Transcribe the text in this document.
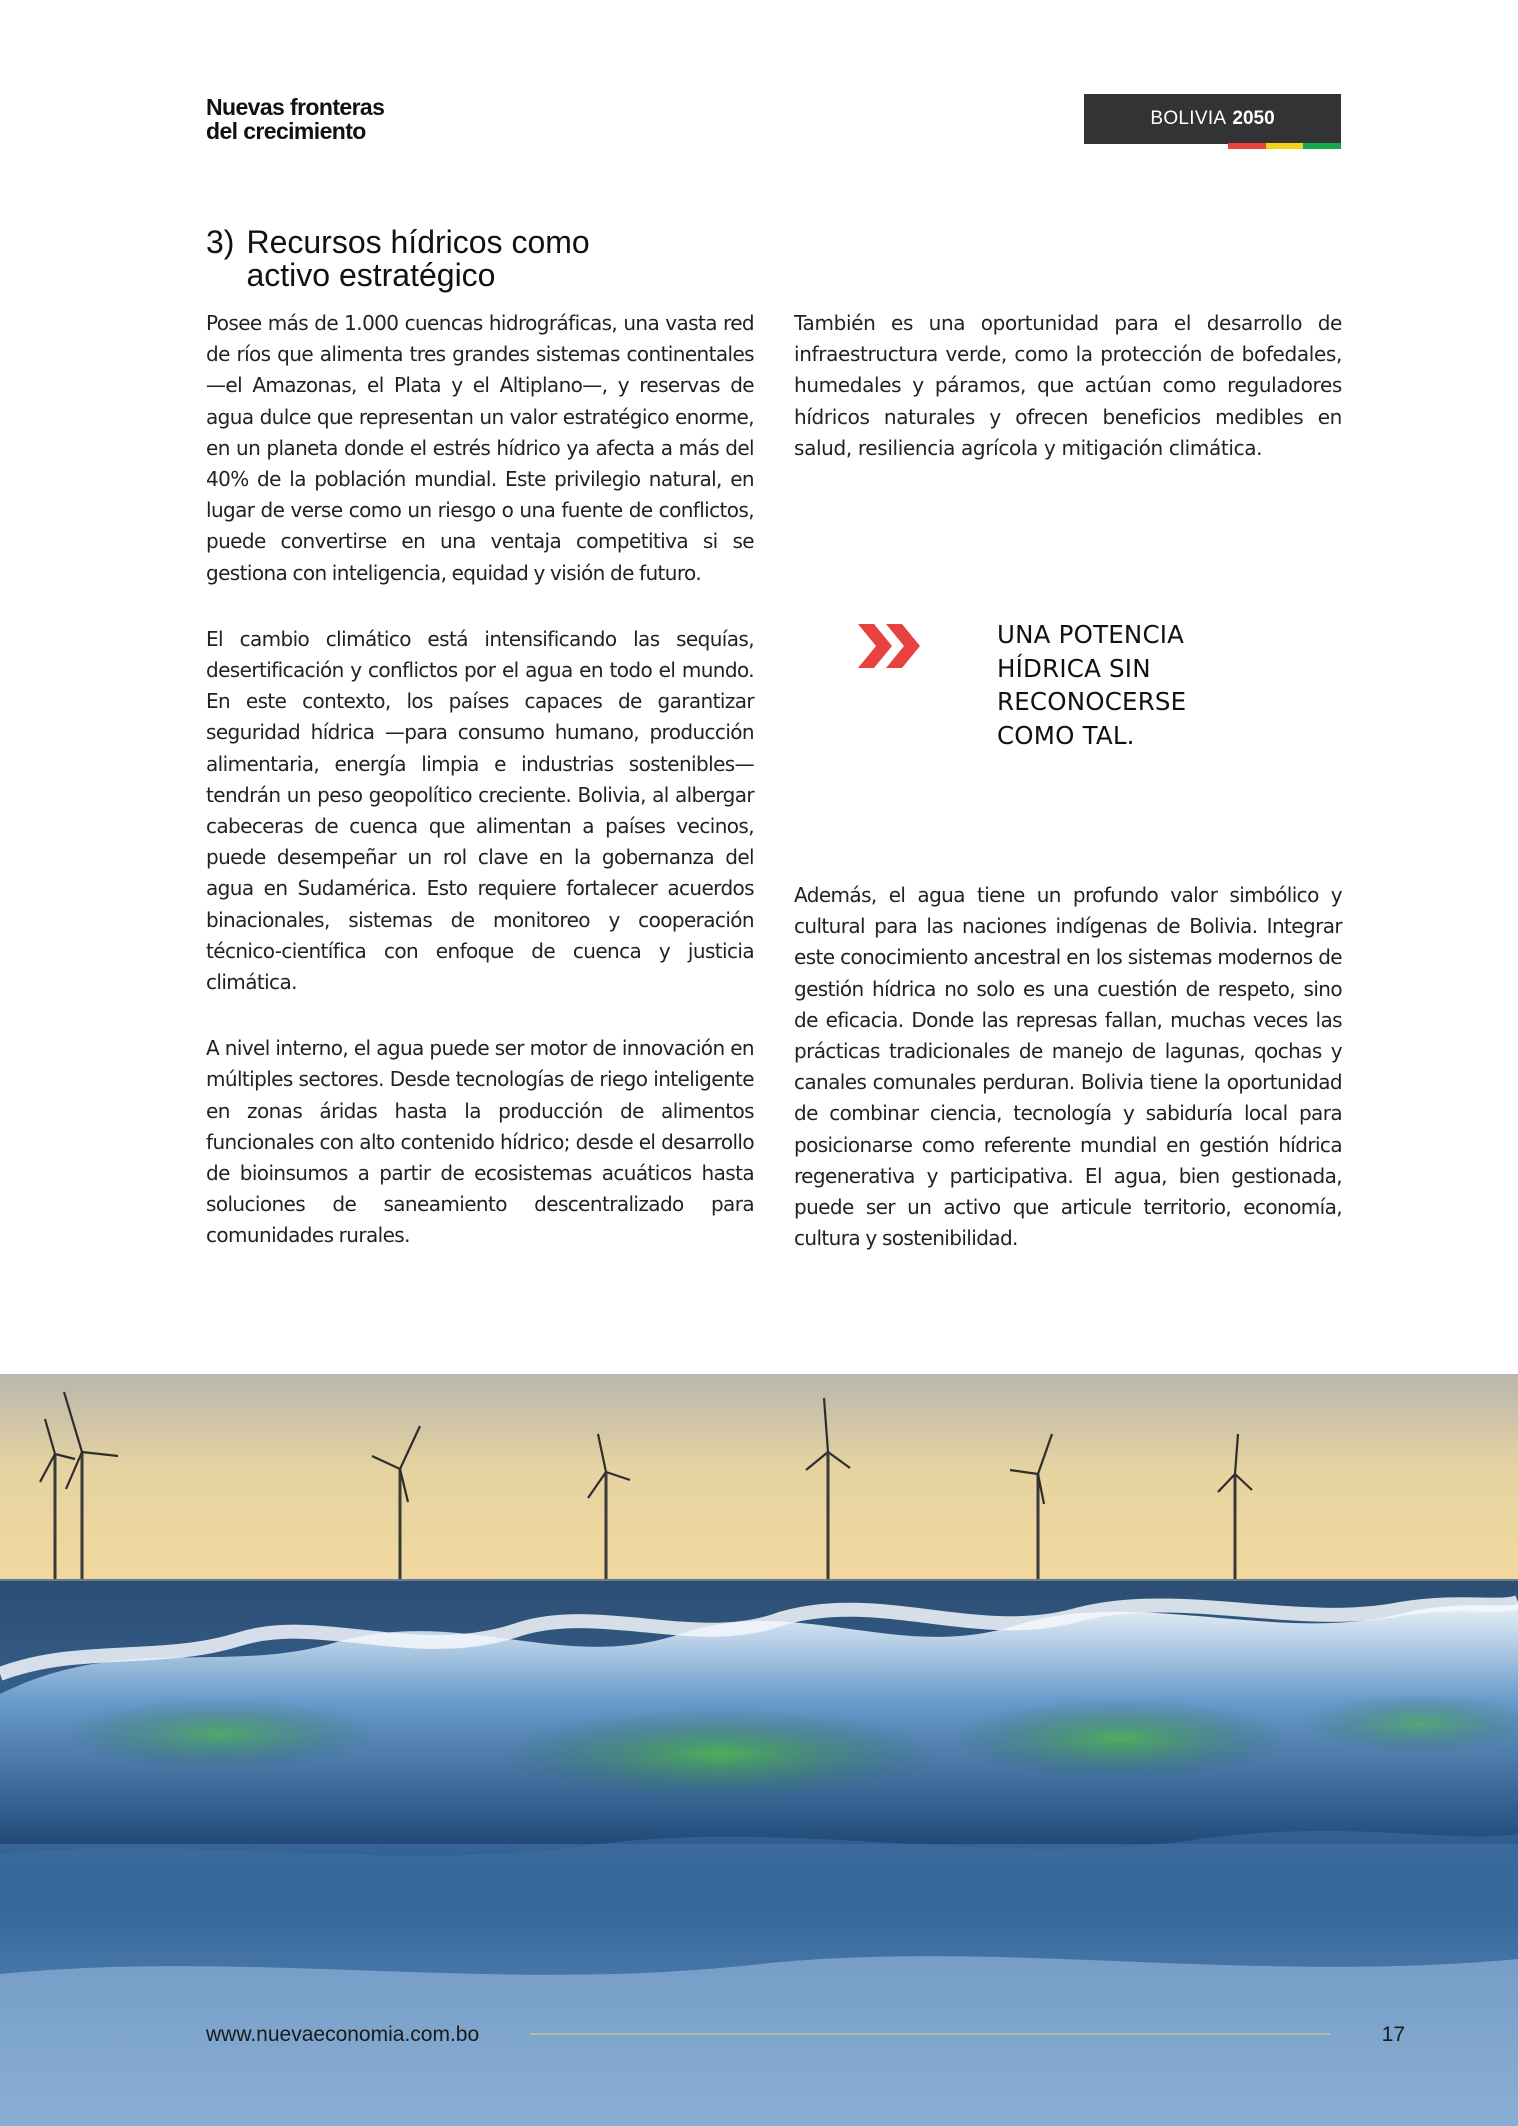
Nuevas fronteras
del crecimiento	BOLIVIA 2050
3) Recursos hídricos como activo estratégico

Posee más de 1.000 cuencas hidrográficas, una vasta red de ríos que alimenta tres grandes sistemas continentales —el Amazonas, el Plata y el Altiplano—, y reservas de agua dulce que representan un valor estratégico enorme, en un planeta donde el estrés hídrico ya afecta a más del 40% de la población mundial. Este privilegio natural, en lugar de verse como un riesgo o una fuente de conflictos, puede convertirse en una ventaja competitiva si se gestiona con inteligencia, equidad y visión de futuro.

El cambio climático está intensificando las sequías, desertificación y conflictos por el agua en todo el mundo. En este contexto, los países capaces de garantizar seguridad hídrica —para consumo humano, producción alimentaria, energía limpia e industrias sostenibles— tendrán un peso geopolítico creciente. Bolivia, al albergar cabeceras de cuenca que alimentan a países vecinos, puede desempeñar un rol clave en la gobernanza del agua en Sudamérica. Esto requiere fortalecer acuerdos binacionales, sistemas de monitoreo y cooperación técnico-científica con enfoque de cuenca y justicia climática.

A nivel interno, el agua puede ser motor de innovación en múltiples sectores. Desde tecnologías de riego inteligente en zonas áridas hasta la producción de alimentos funcionales con alto contenido hídrico; desde el desarrollo de bioinsumos a partir de ecosistemas acuáticos hasta soluciones de saneamiento descentralizado para comunidades rurales.

También es una oportunidad para el desarrollo de infraestructura verde, como la protección de bofedales, humedales y páramos, que actúan como reguladores hídricos naturales y ofrecen beneficios medibles en salud, resiliencia agrícola y mitigación climática.

UNA POTENCIA
HÍDRICA SIN
RECONOCERSE
COMO TAL.

Además, el agua tiene un profundo valor simbólico y cultural para las naciones indígenas de Bolivia. Integrar este conocimiento ancestral en los sistemas modernos de gestión hídrica no solo es una cuestión de respeto, sino de eficacia. Donde las represas fallan, muchas veces las prácticas tradicionales de manejo de lagunas, qochas y canales comunales perduran. Bolivia tiene la oportunidad de combinar ciencia, tecnología y sabiduría local para posicionarse como referente mundial en gestión hídrica regenerativa y participativa. El agua, bien gestionada, puede ser un activo que articule territorio, economía, cultura y sostenibilidad.

www.nuevaeconomia.com.bo	17
